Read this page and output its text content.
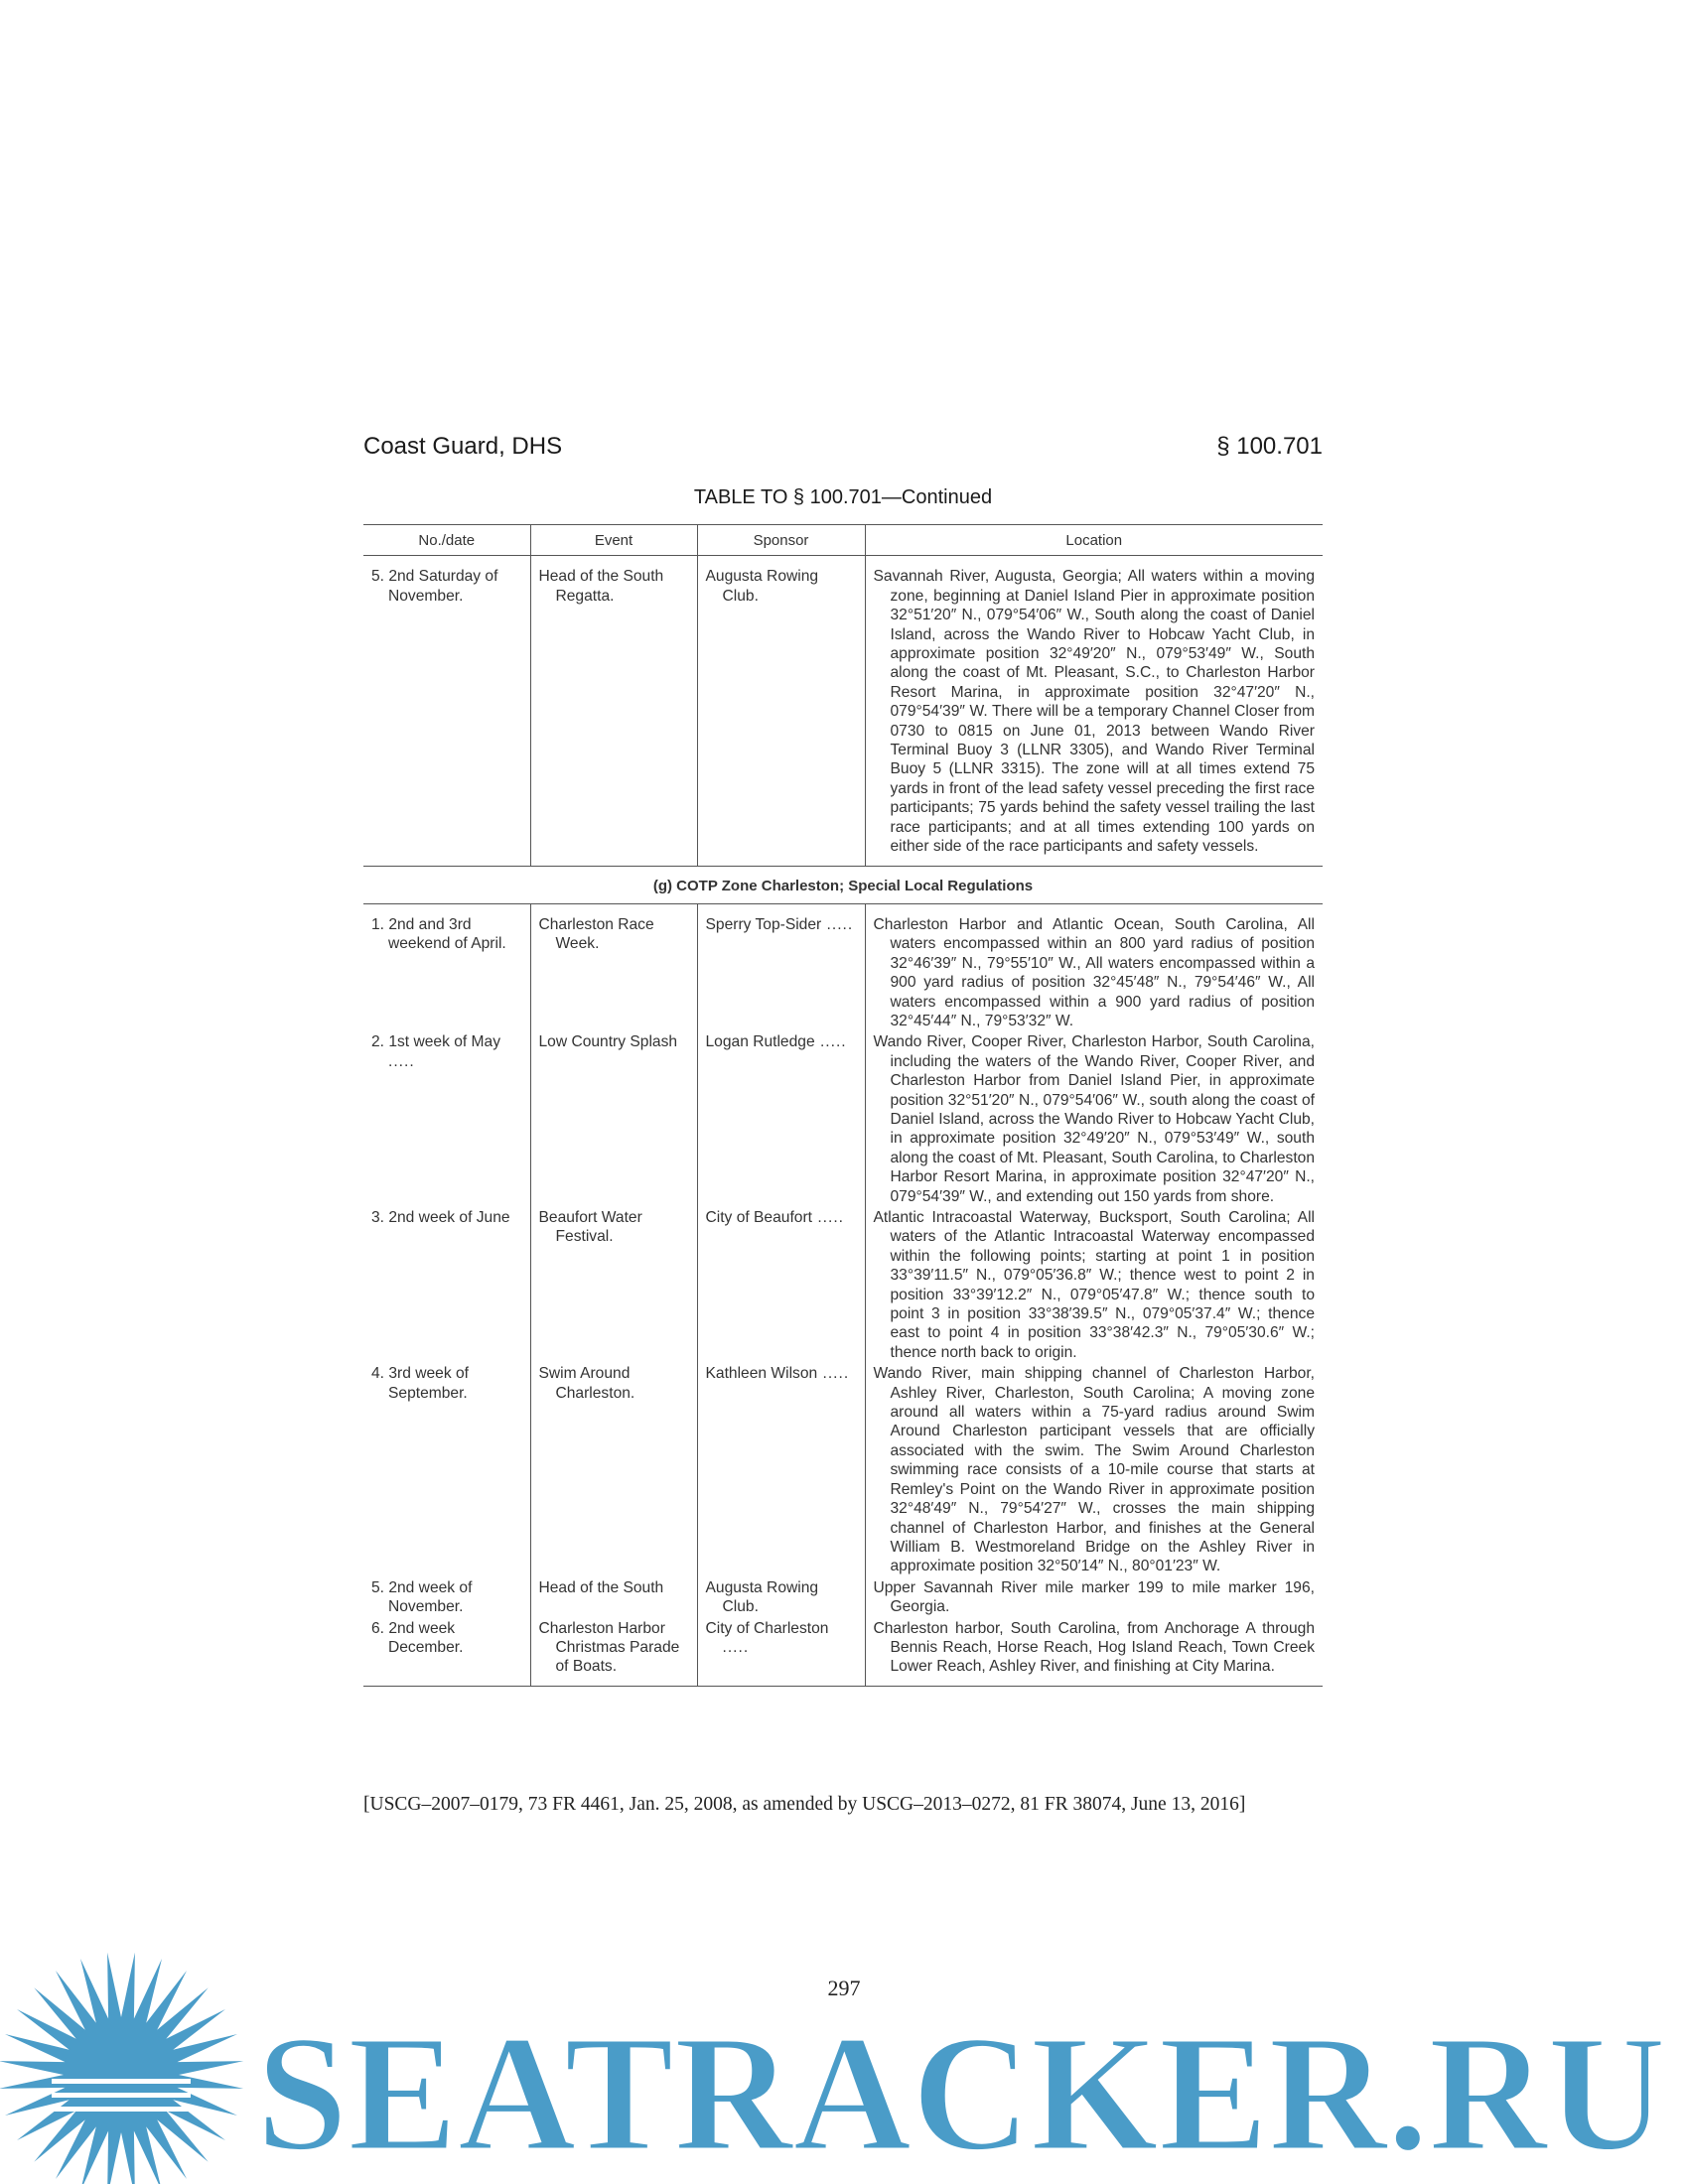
Coast Guard, DHS	§ 100.701
TABLE TO § 100.701—Continued
No./date	Event	Sponsor	Location

5. 2nd Saturday of November.	Head of the South Regatta.	Augusta Rowing Club.	Savannah River, Augusta, Georgia; All waters within a moving zone, beginning at Daniel Island Pier in approximate position 32°51′20″ N., 079°54′06″ W., South along the coast of Daniel Island, across the Wando River to Hobcaw Yacht Club, in approximate position 32°49′20″ N., 079°53′49″ W., South along the coast of Mt. Pleasant, S.C., to Charleston Harbor Resort Marina, in approximate position 32°47′20″ N., 079°54′39″ W. There will be a temporary Channel Closer from 0730 to 0815 on June 01, 2013 between Wando River Terminal Buoy 3 (LLNR 3305), and Wando River Terminal Buoy 5 (LLNR 3315). The zone will at all times extend 75 yards in front of the lead safety vessel preceding the first race participants; 75 yards behind the safety vessel trailing the last race participants; and at all times extending 100 yards on either side of the race participants and safety vessels.

(g) COTP Zone Charleston; Special Local Regulations			

1. 2nd and 3rd weekend of April.	Charleston Race Week.	Sperry Top-Sider .....	Charleston Harbor and Atlantic Ocean, South Carolina, All waters encompassed within an 800 yard radius of position 32°46′39″ N., 79°55′10″ W., All waters encompassed within a 900 yard radius of position 32°45′48″ N., 79°54′46″ W., All waters encompassed within a 900 yard radius of position 32°45′44″ N., 79°53′32″ W.

2. 1st week of May .....	Low Country Splash	Logan Rutledge .....	Wando River, Cooper River, Charleston Harbor, South Carolina, including the waters of the Wando River, Cooper River, and Charleston Harbor from Daniel Island Pier, in approximate position 32°51′20″ N., 079°54′06″ W., south along the coast of Daniel Island, across the Wando River to Hobcaw Yacht Club, in approximate position 32°49′20″ N., 079°53′49″ W., south along the coast of Mt. Pleasant, South Carolina, to Charleston Harbor Resort Marina, in approximate position 32°47′20″ N., 079°54′39″ W., and extending out 150 yards from shore.

3. 2nd week of June	Beaufort Water Festival.	City of Beaufort .....	Atlantic Intracoastal Waterway, Bucksport, South Carolina; All waters of the Atlantic Intracoastal Waterway encompassed within the following points; starting at point 1 in position 33°39′11.5″ N., 079°05′36.8″ W.; thence west to point 2 in position 33°39′12.2″ N., 079°05′47.8″ W.; thence south to point 3 in position 33°38′39.5″ N., 079°05′37.4″ W.; thence east to point 4 in position 33°38′42.3″ N., 79°05′30.6″ W.; thence north back to origin.

4. 3rd week of September.	Swim Around Charleston.	Kathleen Wilson .....	Wando River, main shipping channel of Charleston Harbor, Ashley River, Charleston, South Carolina; A moving zone around all waters within a 75-yard radius around Swim Around Charleston participant vessels that are officially associated with the swim. The Swim Around Charleston swimming race consists of a 10-mile course that starts at Remley's Point on the Wando River in approximate position 32°48′49″ N., 79°54′27″ W., crosses the main shipping channel of Charleston Harbor, and finishes at the General William B. Westmoreland Bridge on the Ashley River in approximate position 32°50′14″ N., 80°01′23″ W.

5. 2nd week of November.	Head of the South	Augusta Rowing Club.	Upper Savannah River mile marker 199 to mile marker 196, Georgia.

6. 2nd week December.	Charleston Harbor Christmas Parade of Boats.	City of Charleston .....	Charleston harbor, South Carolina, from Anchorage A through Bennis Reach, Horse Reach, Hog Island Reach, Town Creek Lower Reach, Ashley River, and finishing at City Marina.
[USCG–2007–0179, 73 FR 4461, Jan. 25, 2008, as amended by USCG–2013–0272, 81 FR 38074, June 13, 2016]
SEATRACKER.RU
297
